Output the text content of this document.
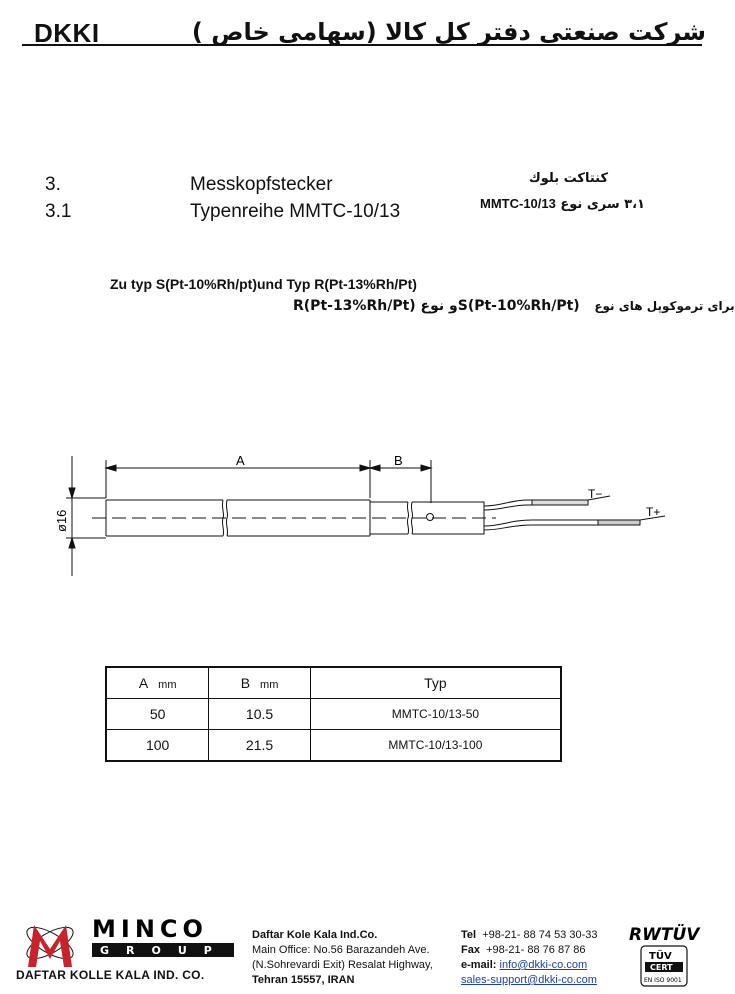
DKKI	شركت صنعتي دفتر كل كالا (سهامي خاص )
3.	Messkopfstecker
3.1	Typenreihe MMTC-10/13
كنتاكت بلوك
MMTC-10/13 ۳،۱ سری نوع
Zu typ S(Pt-10%Rh/pt)und Typ R(Pt-13%Rh/Pt)
R(Pt-13%Rh/Pt) و نوعS(Pt-10%Rh/Pt) برای ترموکوپل های نوع
A	B
ø16
T−
T+
A mm	B mm	Typ
50	10.5	MMTC-10/13-50
100	21.5	MMTC-10/13-100
MINCO
GROUP
DAFTAR KOLLE KALA IND. CO.
Daftar Kole Kala Ind.Co.
Main Office: No.56 Barazandeh Ave.
(N.Sohrevardi Exit) Resalat Highway,
Tehran 15557, IRAN
Tel +98-21- 88 74 53 30-33
Fax +98-21- 88 76 87 86
e-mail: info@dkki-co.com
sales-support@dkki-co.com
RWTÜV
TÜV
CERT
EN ISO 9001
